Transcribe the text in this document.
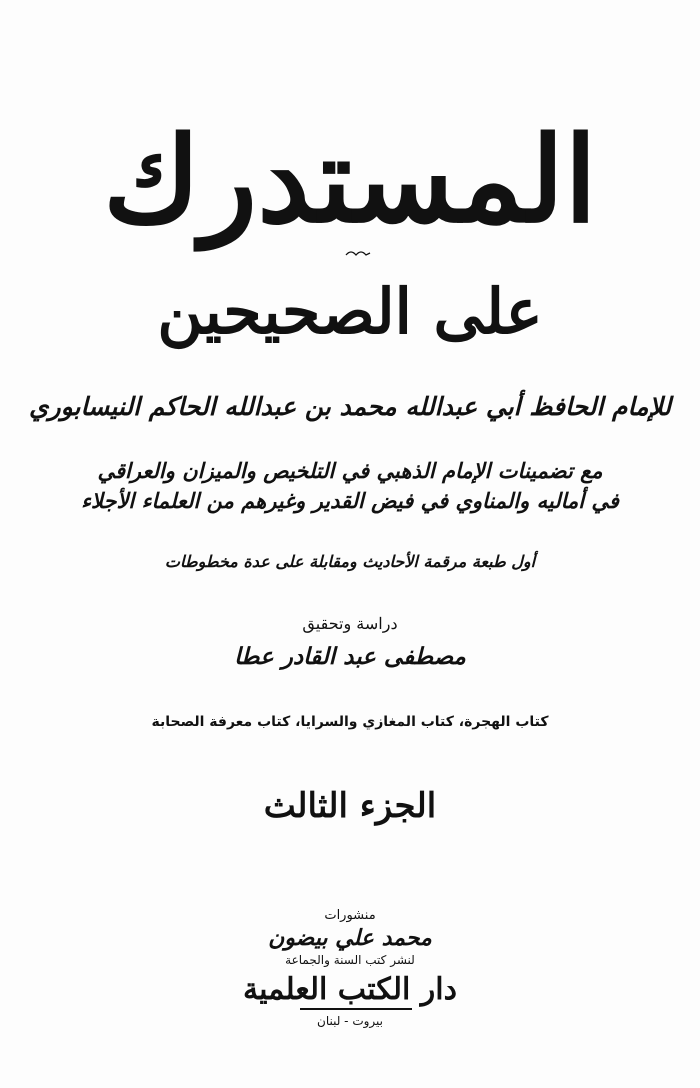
المستدرك
على الصحيحين
للإمام الحافظ أبي عبدالله محمد بن عبدالله الحاكم النيسابوري
مع تضمينات الإمام الذهبي في التلخيص والميزان والعراقي
في أماليه والمناوي في فيض القدير وغيرهم من العلماء الأجلاء
أول طبعة مرقمة الأحاديث ومقابلة على عدة مخطوطات
دراسة وتحقيق
مصطفى عبد القادر عطا
كتاب الهجرة، كتاب المغازي والسرايا، كتاب معرفة الصحابة
الجزء الثالث
منشورات
محمد علي بيضون
لنشر كتب السنة والجماعة
دار الكتب العلمية
بيروت - لبنان
